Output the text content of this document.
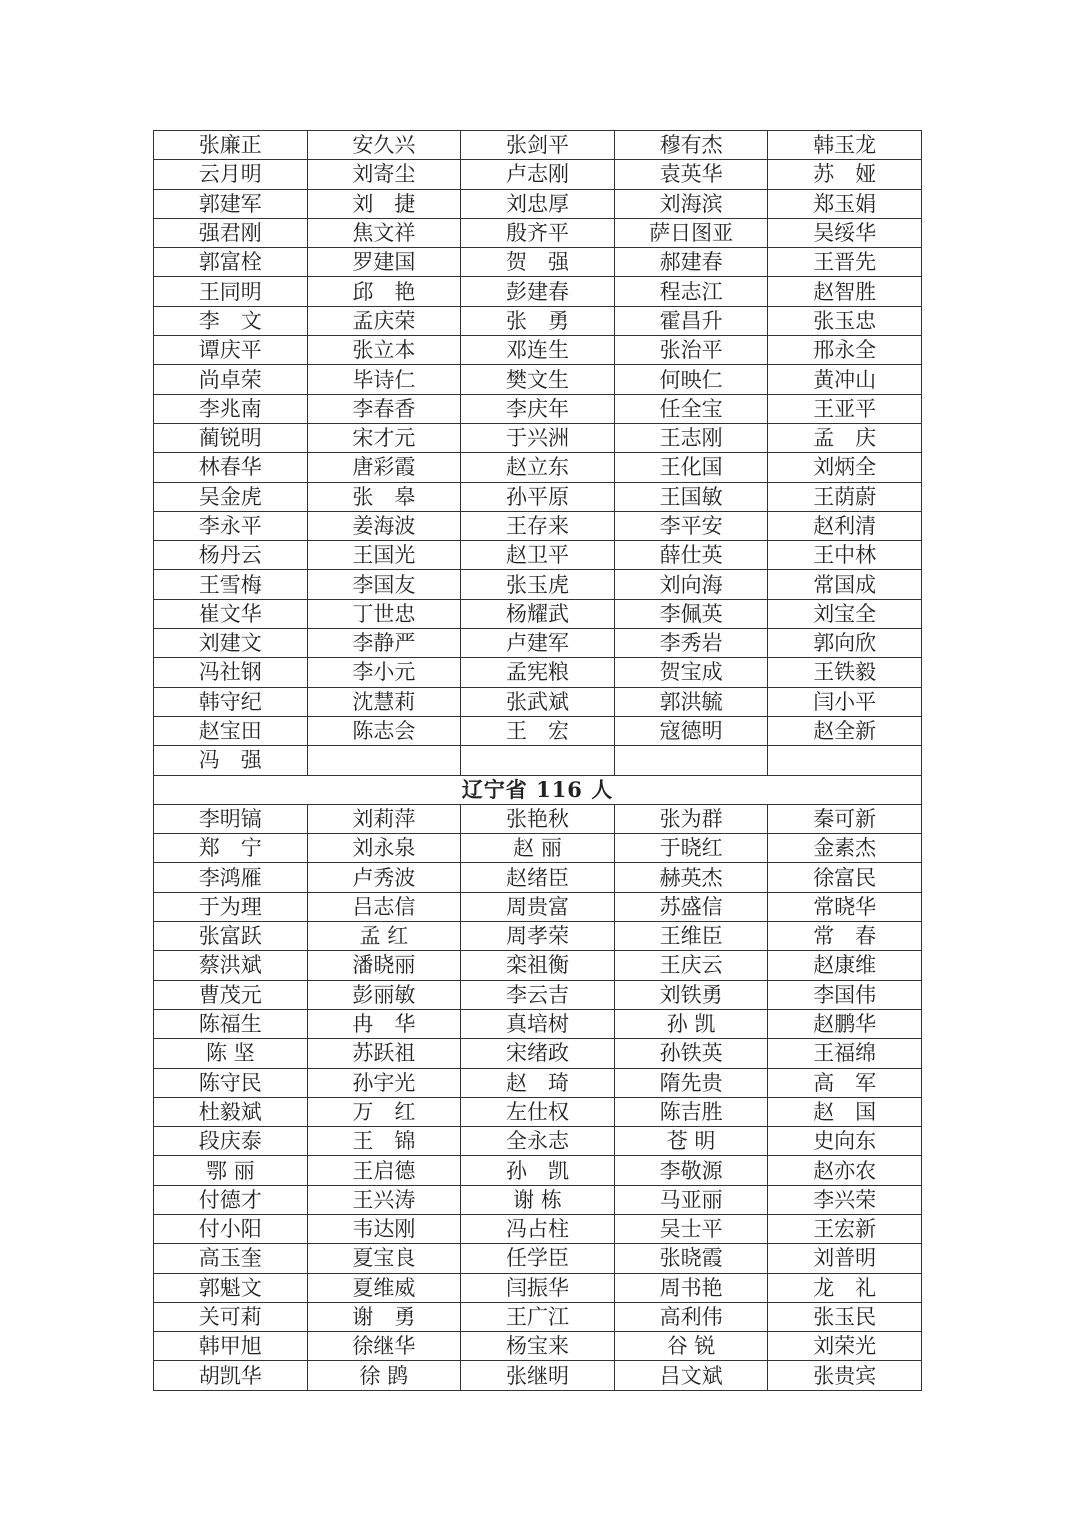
张廉正	安久兴	张剑平	穆有杰	韩玉龙
云月明	刘寄尘	卢志刚	袁英华	苏　娅
郭建军	刘　捷	刘忠厚	刘海滨	郑玉娟
强君刚	焦文祥	殷齐平	萨日图亚	吴绥华
郭富栓	罗建国	贺　强	郝建春	王晋先
王同明	邱　艳	彭建春	程志江	赵智胜
李　文	孟庆荣	张　勇	霍昌升	张玉忠
谭庆平	张立本	邓连生	张治平	邢永全
尚卓荣	毕诗仁	樊文生	何映仁	黄冲山
李兆南	李春香	李庆年	任全宝	王亚平
蔺锐明	宋才元	于兴洲	王志刚	孟　庆
林春华	唐彩霞	赵立东	王化国	刘炳全
吴金虎	张　皋	孙平原	王国敏	王荫蔚
李永平	姜海波	王存来	李平安	赵利清
杨丹云	王国光	赵卫平	薛仕英	王中林
王雪梅	李国友	张玉虎	刘向海	常国成
崔文华	丁世忠	杨耀武	李佩英	刘宝全
刘建文	李静严	卢建军	李秀岩	郭向欣
冯社钢	李小元	孟宪粮	贺宝成	王铁毅
韩守纪	沈慧莉	张武斌	郭洪毓	闫小平
赵宝田	陈志会	王　宏	寇德明	赵全新
冯　强				
辽宁省 116 人				
李明镐	刘莉萍	张艳秋	张为群	秦可新
郑　宁	刘永泉	赵 丽	于晓红	金素杰
李鸿雁	卢秀波	赵绪臣	赫英杰	徐富民
于为理	吕志信	周贵富	苏盛信	常晓华
张富跃	孟 红	周孝荣	王维臣	常　春
蔡洪斌	潘晓丽	栾祖衡	王庆云	赵康维
曹茂元	彭丽敏	李云吉	刘铁勇	李国伟
陈福生	冉　华	真培树	孙 凯	赵鹏华
陈 坚	苏跃祖	宋绪政	孙铁英	王福绵
陈守民	孙宇光	赵　琦	隋先贵	高　军
杜毅斌	万　红	左仕权	陈吉胜	赵　国
段庆泰	王　锦	全永志	苍 明	史向东
鄂 丽	王启德	孙　凯	李敬源	赵亦农
付德才	王兴涛	谢 栋	马亚丽	李兴荣
付小阳	韦达刚	冯占柱	吴士平	王宏新
高玉奎	夏宝良	任学臣	张晓霞	刘普明
郭魁文	夏维威	闫振华	周书艳	龙　礼
关可莉	谢　勇	王广江	高利伟	张玉民
韩甲旭	徐继华	杨宝来	谷 锐	刘荣光
胡凯华	徐 鹍	张继明	吕文斌	张贵宾
